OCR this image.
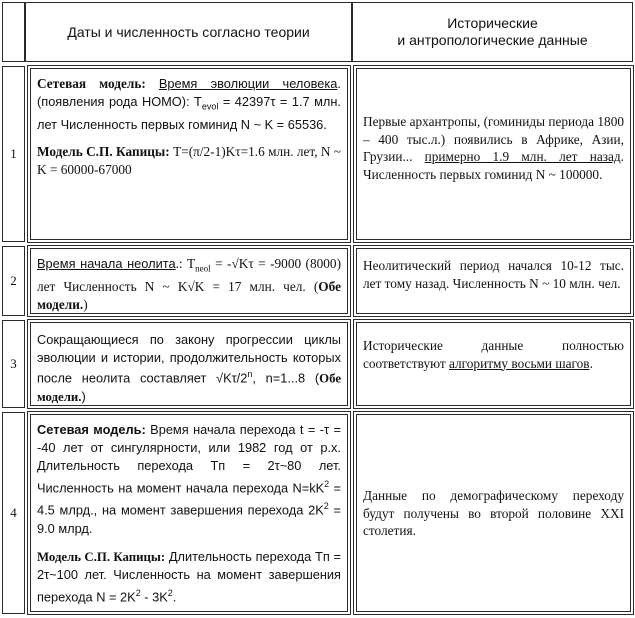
Даты и численность согласно теории
Исторические
и антропологические данные
1

Сетевая модель: Время эволюции человека. (появления рода HOMO): $T_{evol} = 42397\tau = 1.7$ млн. лет Численность первых гоминид N ~ K = 65536.

Модель С.П. Капицы: T=(π/2-1)Kτ=1.6 млн. лет, N ~ K = 60000-67000

Первые архантропы, (гоминиды периода 1800 – 400 тыс.л.) появились в Африке, Азии, Грузии... примерно 1.9 млн. лет назад. Численность первых гоминид N ~ 100000.

2

Время начала неолита.: $T_{neol} = -√K\tau = -9000$ (8000) лет Численность N ~ K√K = 17 млн. чел. (Обе модели.)

Неолитический период начался 10-12 тыс. лет тому назад. Численность N ~ 10 млн. чел.

3

Сокращающиеся по закону прогрессии циклы эволюции и истории, продолжительность которых после неолита составляет √Kτ/2$^n$, n=1...8 (Обе модели.)

Исторические данные полностью соответствуют алгоритму восьми шагов.

4

Сетевая модель: Время начала перехода t = -τ = -40 лет от сингулярности, или 1982 год от р.х. Длительность перехода Tп = 2τ~80 лет. Численность на момент начала перехода $N=kK^2 = 4.5$ млрд., на момент завершения перехода $2K^2 = 9.0$ млрд.

Модель С.П. Капицы: Длительность перехода Tп = 2τ~100 лет. Численность на момент завершения перехода $N = 2K^2 - 3K^2$.

Данные по демографическому переходу будут получены во второй половине XXI столетия.
